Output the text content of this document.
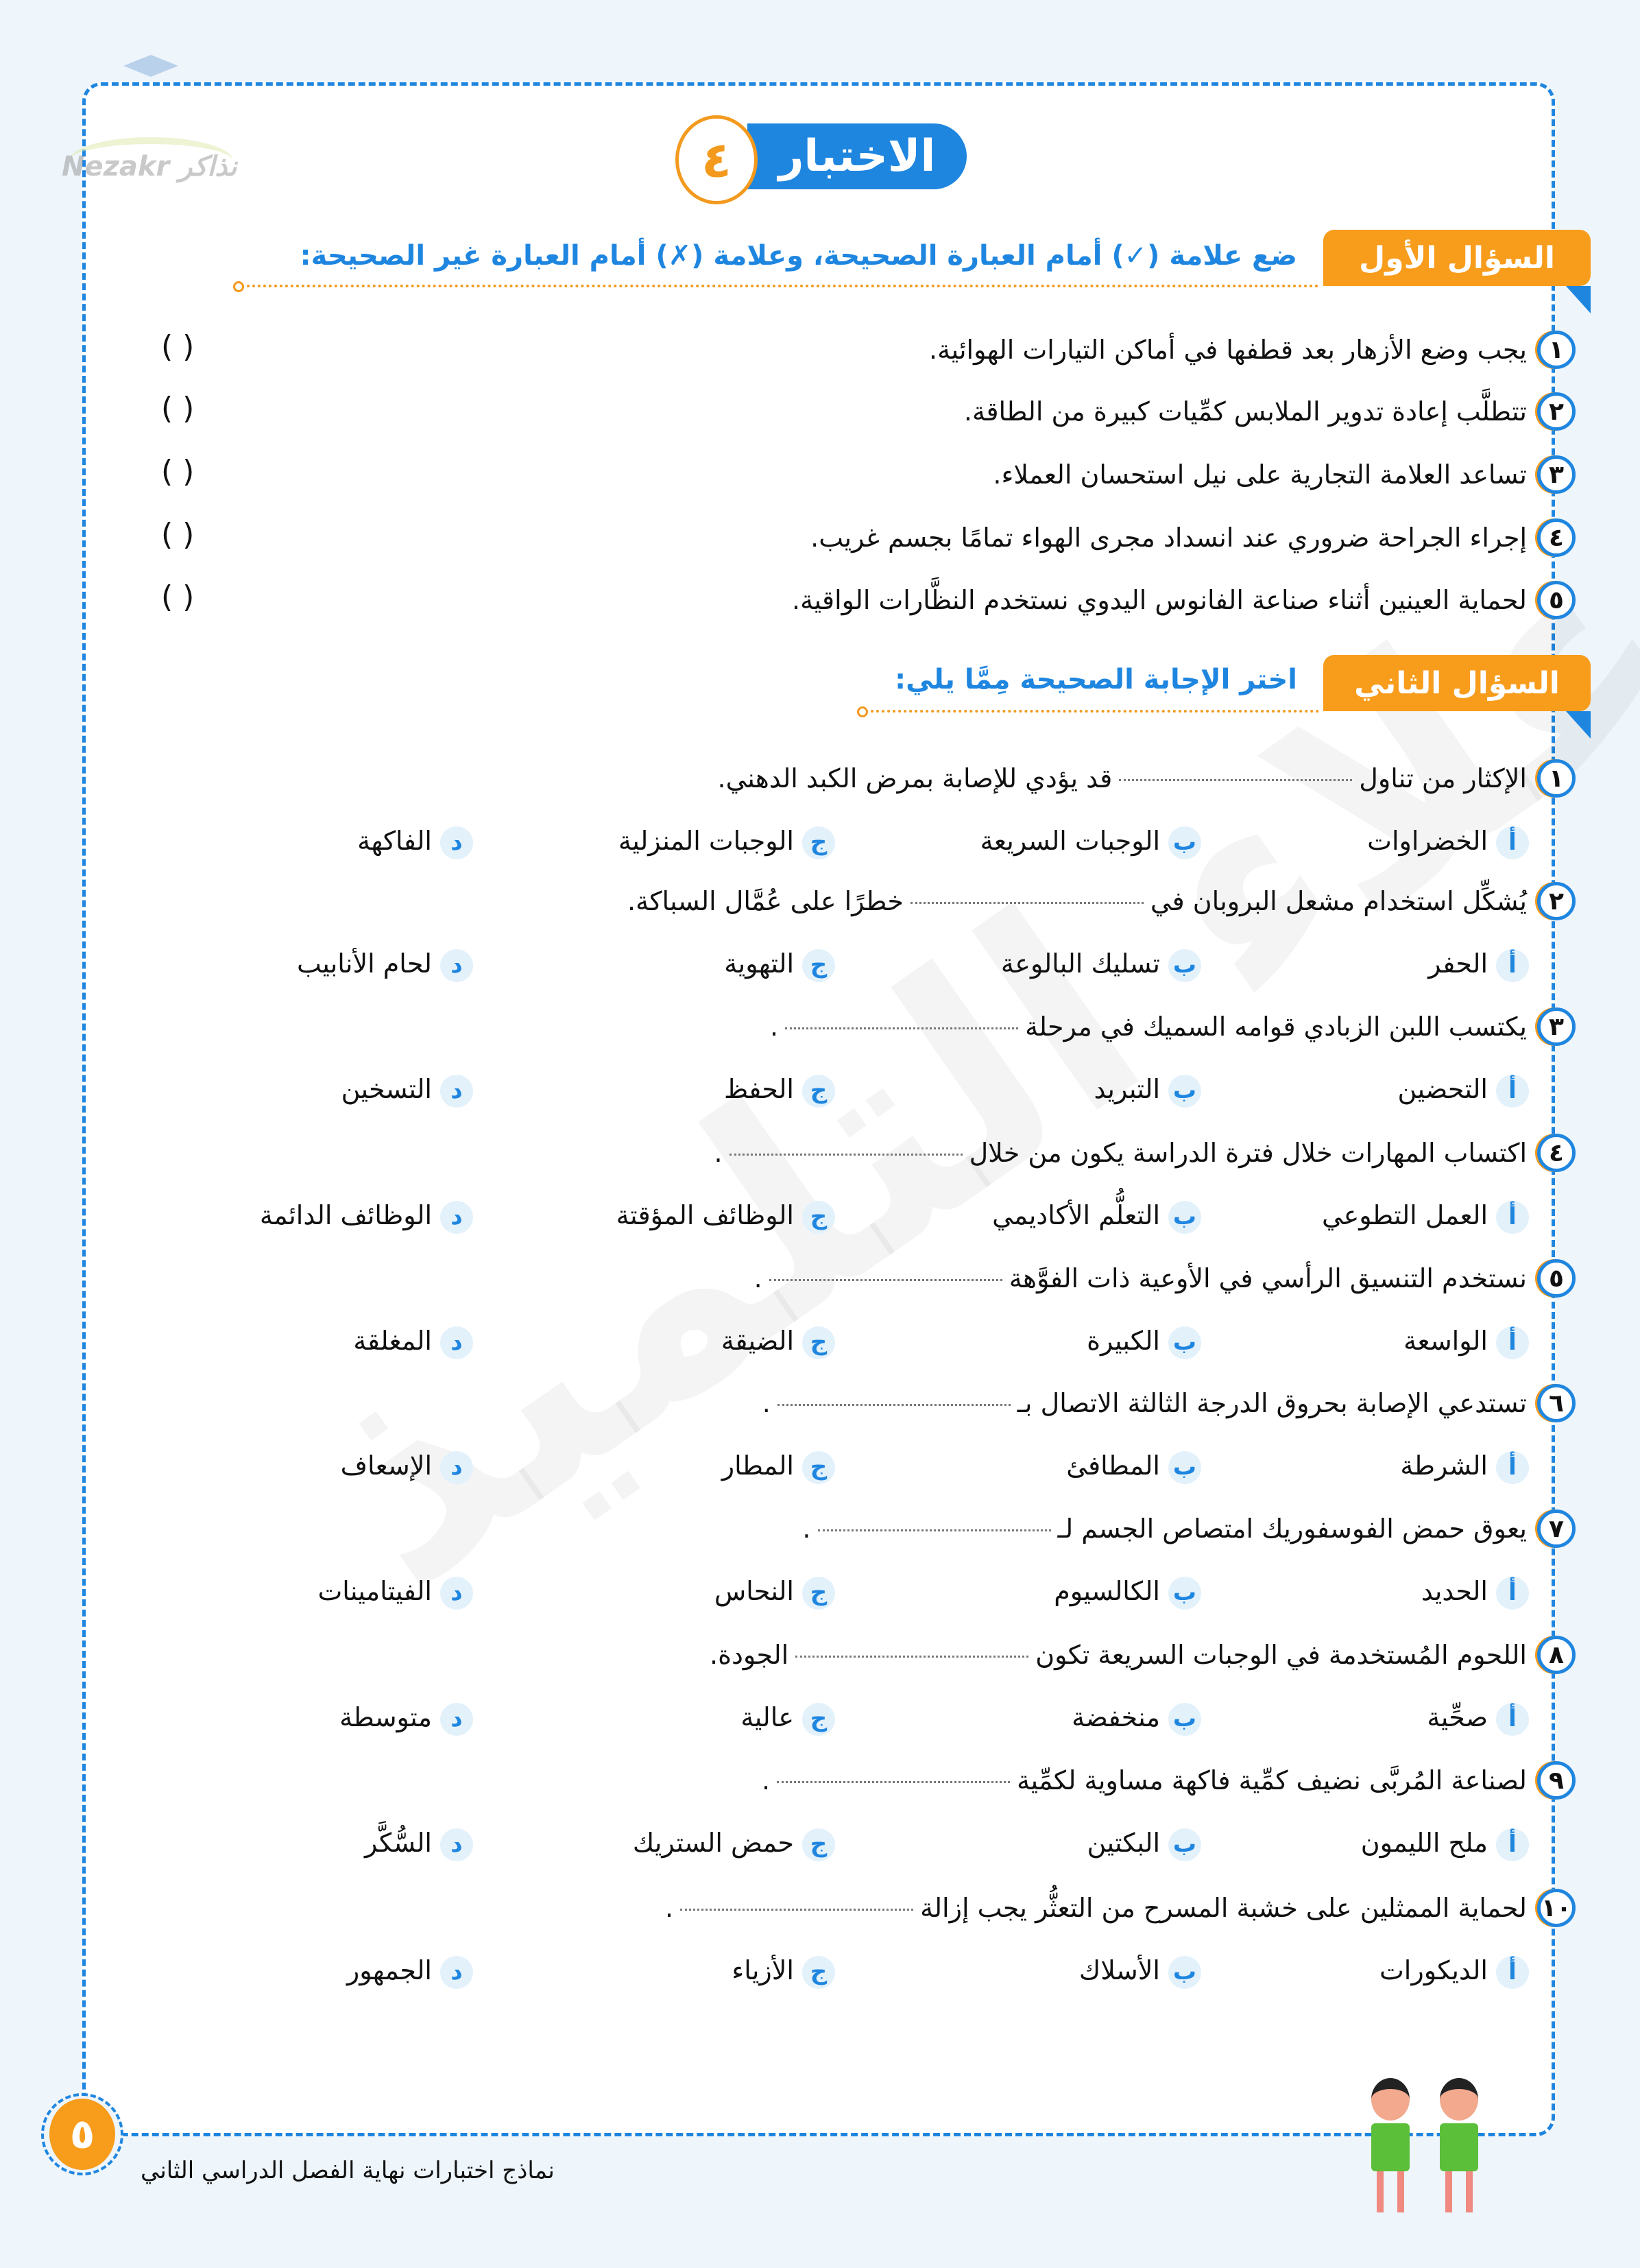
Nezakr نذاكر	الاختبار
٤
السؤال الأول
ضع علامة (✓) أمام العبارة الصحيحة، وعلامة (✗) أمام العبارة غير الصحيحة:
السؤال الثاني
اختر الإجابة الصحيحة مِمَّا يلي:
١
يجب وضع الأزهار بعد قطفها في أماكن التيارات الهوائية.
( )
٢
تتطلَّب إعادة تدوير الملابس كمِّيات كبيرة من الطاقة.
( )
٣
تساعد العلامة التجارية على نيل استحسان العملاء.
( )
٤
إجراء الجراحة ضروري عند انسداد مجرى الهواء تمامًا بجسم غريب.
( )
٥
لحماية العينين أثناء صناعة الفانوس اليدوي نستخدم النظَّارات الواقية.
( )
١
الإكثار من تناولقد يؤدي للإصابة بمرض الكبد الدهني.
أالخضراوات
بالوجبات السريعة
جالوجبات المنزلية
دالفاكهة
٢
يُشكِّل استخدام مشعل البروبان فيخطرًا على عُمَّال السباكة.
أالحفر
بتسليك البالوعة
جالتهوية
دلحام الأنابيب
٣
يكتسب اللبن الزبادي قوامه السميك في مرحلة.
أالتحضين
بالتبريد
جالحفظ
دالتسخين
٤
اكتساب المهارات خلال فترة الدراسة يكون من خلال.
أالعمل التطوعي
بالتعلُّم الأكاديمي
جالوظائف المؤقتة
دالوظائف الدائمة
٥
نستخدم التنسيق الرأسي في الأوعية ذات الفوَّهة.
أالواسعة
بالكبيرة
جالضيقة
دالمغلقة
٦
تستدعي الإصابة بحروق الدرجة الثالثة الاتصال بـ.
أالشرطة
بالمطافئ
جالمطار
دالإسعاف
٧
يعوق حمض الفوسفوريك امتصاص الجسم لـ.
أالحديد
بالكالسيوم
جالنحاس
دالفيتامينات
٨
اللحوم المُستخدمة في الوجبات السريعة تكونالجودة.
أصحِّية
بمنخفضة
جعالية
دمتوسطة
٩
لصناعة المُربَّى نضيف كمِّية فاكهة مساوية لكمِّية.
أملح الليمون
بالبكتين
جحمض الستريك
دالسُّكَّر
١٠
لحماية الممثلين على خشبة المسرح من التعثُّر يجب إزالة.
أالديكورات
بالأسلاك
جالأزياء
دالجمهور
٥
نماذج اختبارات نهاية الفصل الدراسي الثاني
